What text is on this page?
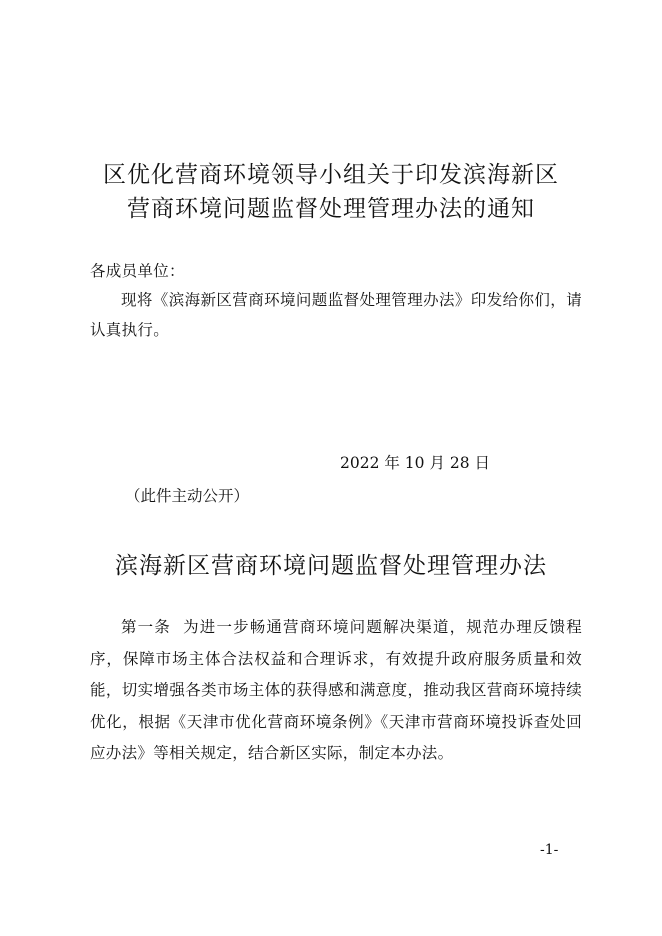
区优化营商环境领导小组关于印发滨海新区
营商环境问题监督处理管理办法的通知

各成员单位：

现将《滨海新区营商环境问题监督处理管理办法》印发给你们，请认真执行。

2022 年 10 月 28 日
（此件主动公开）
滨海新区营商环境问题监督处理管理办法

第一条  为进一步畅通营商环境问题解决渠道，规范办理反馈程序，保障市场主体合法权益和合理诉求，有效提升政府服务质量和效能，切实增强各类市场主体的获得感和满意度，推动我区营商环境持续优化，根据《天津市优化营商环境条例》《天津市营商环境投诉查处回应办法》等相关规定，结合新区实际，制定本办法。

-1-
